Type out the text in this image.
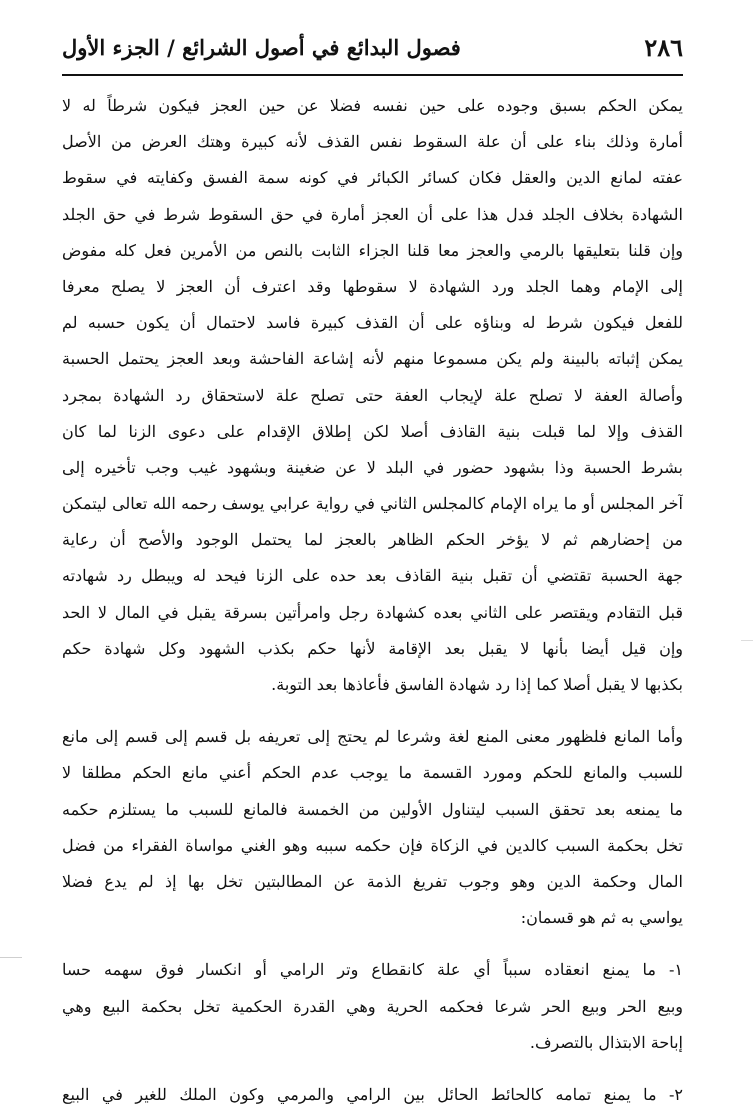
٢٨٦
فصول البدائع في أصول الشرائع / الجزء الأول
يمكن الحكم بسبق وجوده على حين نفسه فضلا عن حين العجز فيكون شرطاً له لا
أمارة وذلك بناء على أن علة السقوط نفس القذف لأنه كبيرة وهتك العرض من الأصل
عفته لمانع الدين والعقل فكان كسائر الكبائر في كونه سمة الفسق وكفايته في سقوط
الشهادة بخلاف الجلد فدل هذا على أن العجز أمارة في حق السقوط شرط في حق الجلد
وإن قلنا بتعليقها بالرمي والعجز معا قلنا الجزاء الثابت بالنص من الأمرين فعل كله مفوض
إلى الإمام وهما الجلد ورد الشهادة لا سقوطها وقد اعترف أن العجز لا يصلح معرفا
للفعل فيكون شرط له وبناؤه على أن القذف كبيرة فاسد لاحتمال أن يكون حسبه لم
يمكن إثباته بالبينة ولم يكن مسموعا منهم لأنه إشاعة الفاحشة وبعد العجز يحتمل الحسبة
وأصالة العفة لا تصلح علة لإيجاب العفة حتى تصلح علة لاستحقاق رد الشهادة بمجرد
القذف وإلا لما قبلت بنية القاذف أصلا لكن إطلاق الإقدام على دعوى الزنا لما كان
بشرط الحسبة وذا بشهود حضور في البلد لا عن ضغينة وبشهود غيب وجب تأخيره إلى
آخر المجلس أو ما يراه الإمام كالمجلس الثاني في رواية عرابي يوسف رحمه الله تعالى ليتمكن
من إحضارهم ثم لا يؤخر الحكم الظاهر بالعجز لما يحتمل الوجود والأصح أن رعاية
جهة الحسبة تقتضي أن تقبل بنية القاذف بعد حده على الزنا فيحد له ويبطل رد شهادته
قبل التقادم ويقتصر على الثاني بعده كشهادة رجل وامرأتين بسرقة يقبل في المال لا الحد
وإن قيل أيضا بأنها لا يقبل بعد الإقامة لأنها حكم بكذب الشهود وكل شهادة حكم
بكذبها لا يقبل أصلا كما إذا رد شهادة الفاسق فأعاذها بعد التوبة.
وأما المانع فلظهور معنى المنع لغة وشرعا لم يحتج إلى تعريفه بل قسم إلى قسم إلى مانع
للسبب والمانع للحكم ومورد القسمة ما يوجب عدم الحكم أعني مانع الحكم مطلقا لا
ما يمنعه بعد تحقق السبب ليتناول الأولين من الخمسة فالمانع للسبب ما يستلزم حكمه
تخل بحكمة السبب كالدين في الزكاة فإن حكمه سببه وهو الغني مواساة الفقراء من فضل
المال وحكمة الدين وهو وجوب تفريغ الذمة عن المطالبتين تخل بها إذ لم يدع فضلا
يواسي به ثم هو قسمان:
١- ما يمنع انعقاده سبباً أي علة كانقطاع وتر الرامي أو انكسار فوق سهمه حسا
وبيع الحر وبيع الحر شرعا فحكمه الحرية وهي القدرة الحكمية تخل بحكمة البيع وهي
إباحة الابتذال بالتصرف.
٢- ما يمنع تمامه كالحائط الحائل بين الرامي والمرمي وكون الملك للغير في البيع
